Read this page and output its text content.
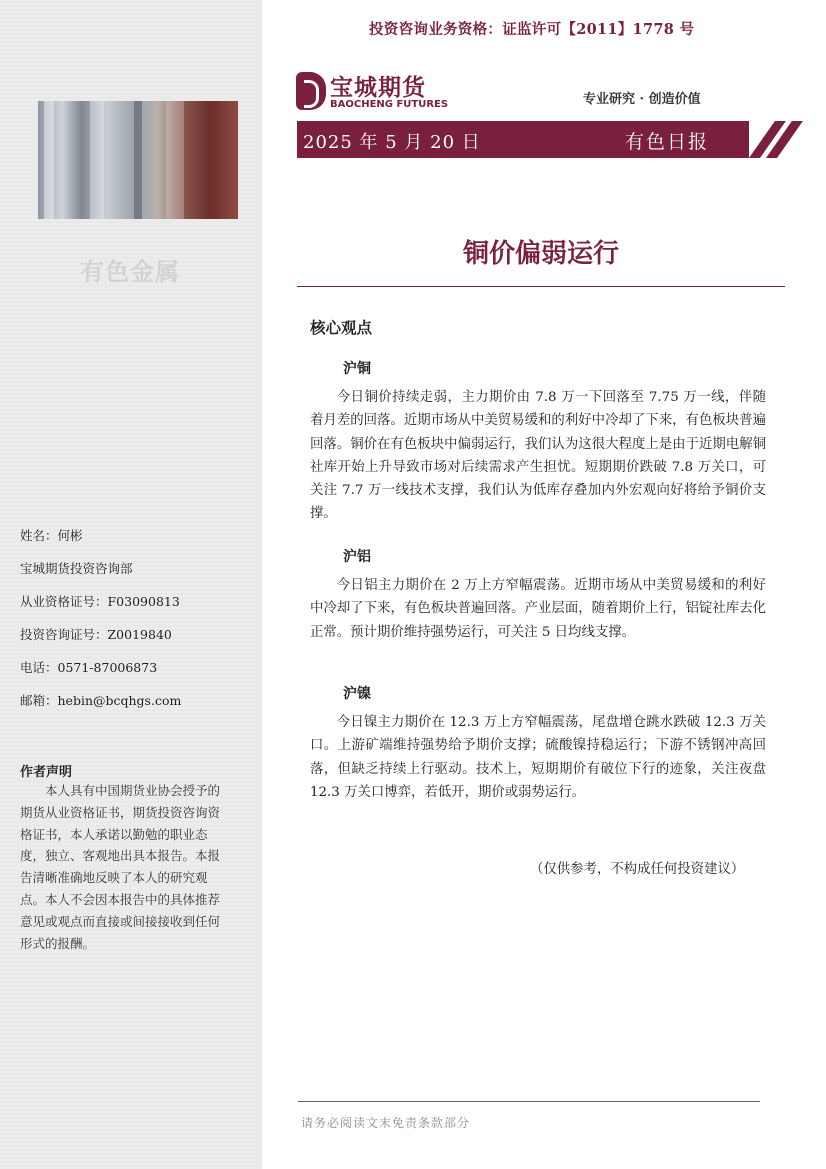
有色金属
姓名：何彬
宝城期货投资咨询部
从业资格证号：F03090813
投资咨询证号：Z0019840
电话：0571-87006873
邮箱：hebin@bcqhgs.com
作者声明
本人具有中国期货业协会授予的期货从业资格证书，期货投资咨询资格证书，本人承诺以勤勉的职业态度，独立、客观地出具本报告。本报告清晰准确地反映了本人的研究观点。本人不会因本报告中的具体推荐意见或观点而直接或间接接收到任何形式的报酬。
投资咨询业务资格：证监许可【2011】1778 号
宝城期货
BAOCHENG FUTURES	专业研究 · 创造价值
2025 年 5 月 20 日	有色日报
铜价偏弱运行
核心观点
沪铜
今日铜价持续走弱，主力期价由 7.8 万一下回落至 7.75 万一线，伴随着月差的回落。近期市场从中美贸易缓和的利好中冷却了下来，有色板块普遍回落。铜价在有色板块中偏弱运行，我们认为这很大程度上是由于近期电解铜社库开始上升导致市场对后续需求产生担忧。短期期价跌破 7.8 万关口，可关注 7.7 万一线技术支撑，我们认为低库存叠加内外宏观向好将给予铜价支撑。
沪铝
今日铝主力期价在 2 万上方窄幅震荡。近期市场从中美贸易缓和的利好中冷却了下来，有色板块普遍回落。产业层面，随着期价上行，铝锭社库去化正常。预计期价维持强势运行，可关注 5 日均线支撑。
沪镍
今日镍主力期价在 12.3 万上方窄幅震荡，尾盘增仓跳水跌破 12.3 万关口。上游矿端维持强势给予期价支撑；硫酸镍持稳运行；下游不锈钢冲高回落，但缺乏持续上行驱动。技术上，短期期价有破位下行的迹象，关注夜盘 12.3 万关口博弈，若低开，期价或弱势运行。
（仅供参考，不构成任何投资建议）
请务必阅读文末免责条款部分
